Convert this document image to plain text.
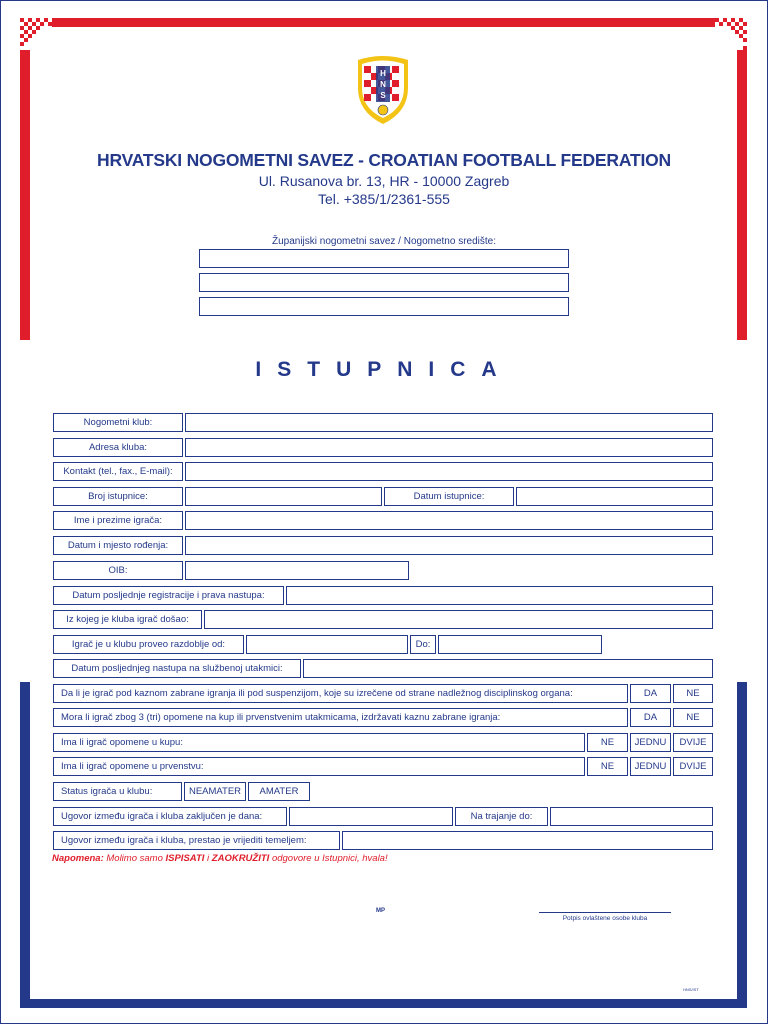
H
N
S
HRVATSKI NOGOMETNI SAVEZ - CROATIAN FOOTBALL FEDERATION
Ul. Rusanova br. 13, HR - 10000 Zagreb
Tel. +385/1/2361-555
Županijski nogometni savez / Nogometno središte:
ISTUPNICA
Nogometni klub:
Adresa kluba:
Kontakt (tel., fax., E-mail):
Broj istupnice:	Datum istupnice:
Ime i prezime igrača:
Datum i mjesto rođenja:
OIB:
Datum posljednje registracije i prava nastupa:
Iz kojeg je kluba igrač došao:
Igrač je u klubu proveo razdoblje od:	Do:
Datum posljednjeg nastupa na službenoj utakmici:
Da li je igrač pod kaznom zabrane igranja ili pod suspenzijom, koje su izrečene od strane nadležnog disciplinskog organa:	DA	NE
Mora li igrač zbog 3 (tri) opomene na kup ili prvenstvenim utakmicama, izdržavati kaznu zabrane igranja:	DA	NE
Ima li igrač opomene u kupu:	NE	JEDNU	DVIJE
Ima li igrač opomene u prvenstvu:	NE	JEDNU	DVIJE
Status igrača u klubu:	NEAMATER	AMATER
Ugovor između igrača i kluba zaključen je dana:	Na trajanje do:
Ugovor između igrača i kluba, prestao je vrijediti temeljem:
Napomena: Molimo samo ISPISATI i ZAOKRUŽITI odgovore u Istupnici, hvala!
MP
Potpis ovlaštene osobe kluba
HNS/IST
